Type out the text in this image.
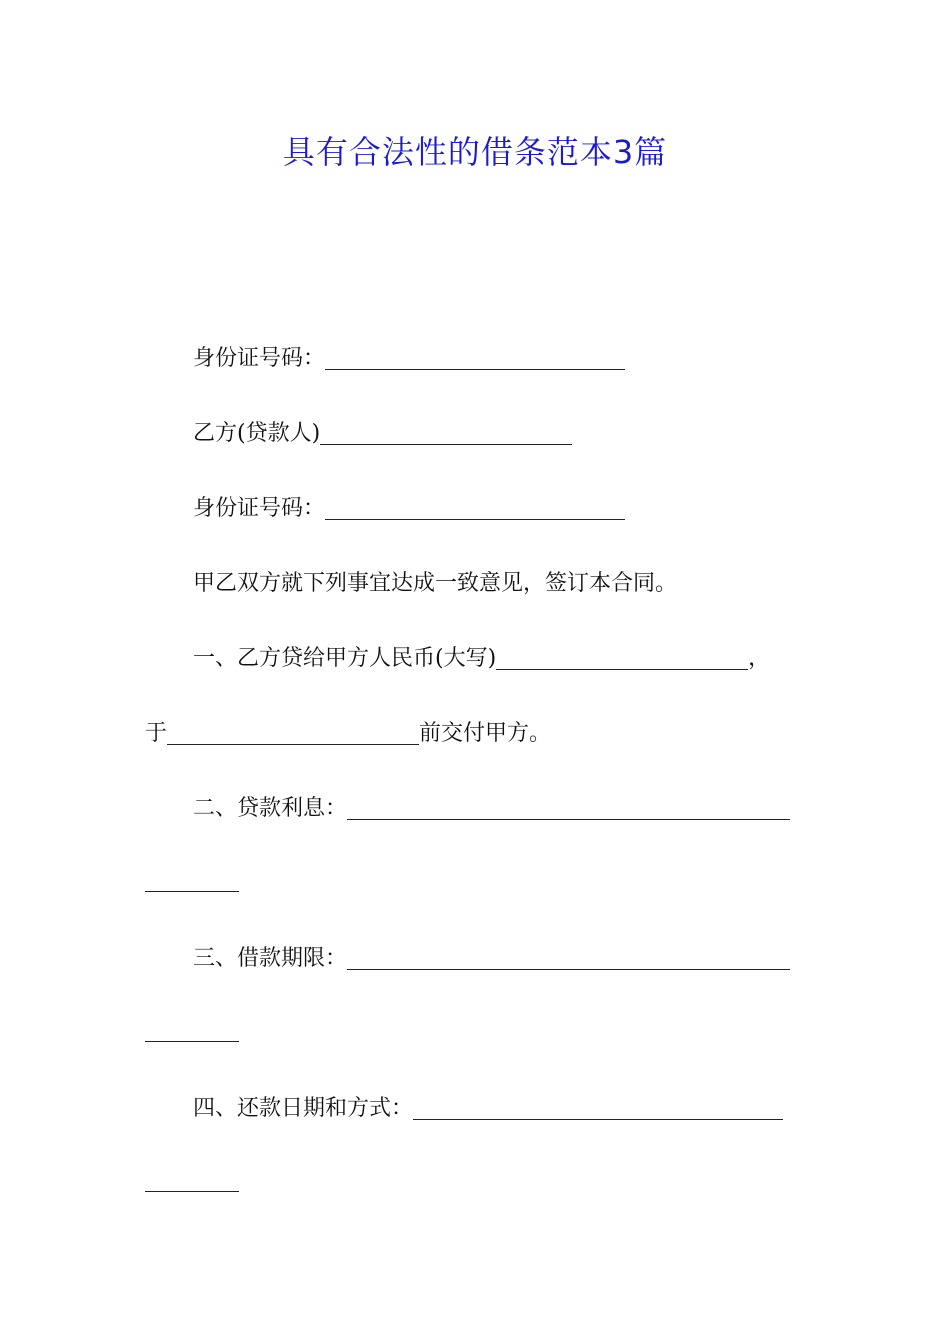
具有合法性的借条范本3篇
身份证号码：
乙方(贷款人)
身份证号码：
甲乙双方就下列事宜达成一致意见，签订本合同。
一、乙方贷给甲方人民币(大写)	，
于	前交付甲方。
二、贷款利息：
三、借款期限：
四、还款日期和方式：
